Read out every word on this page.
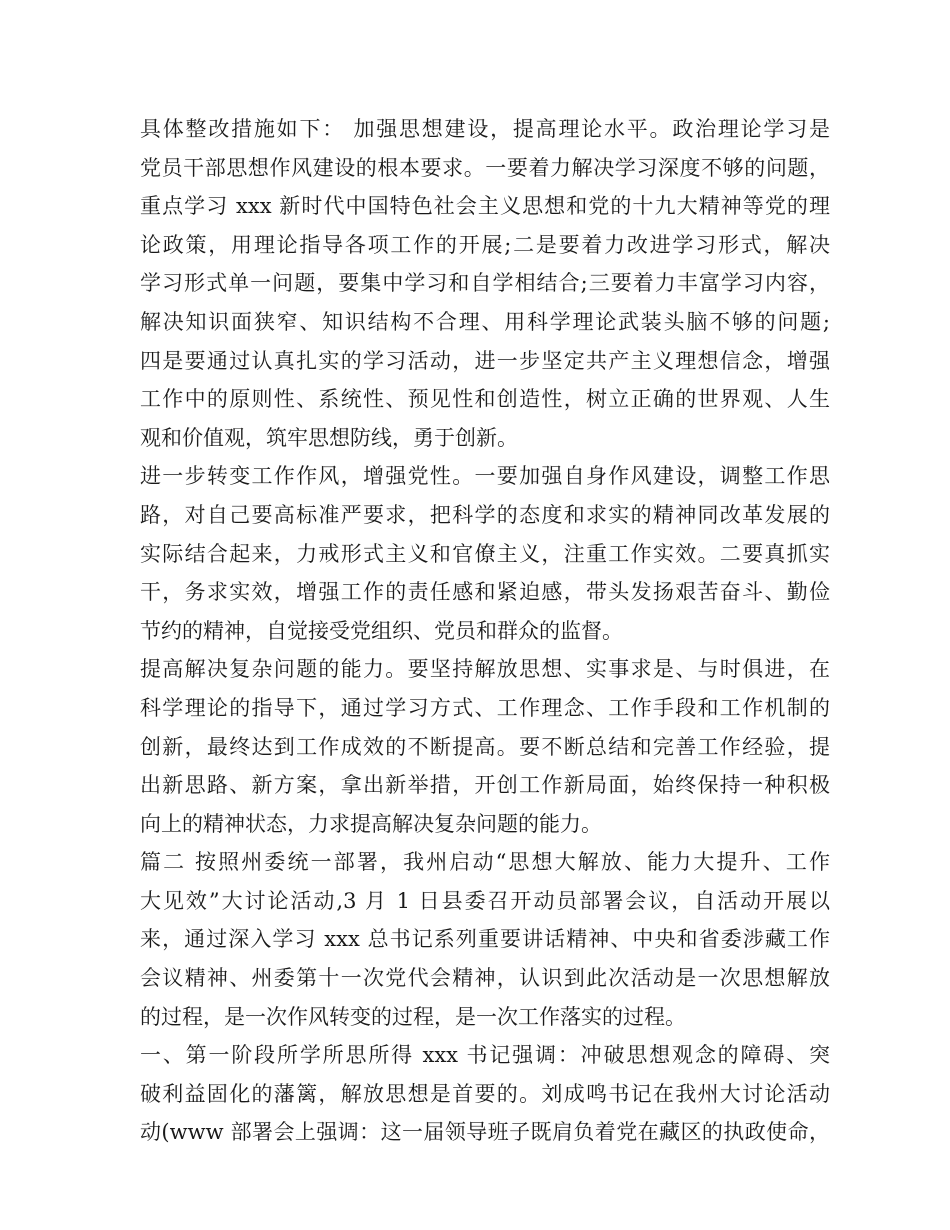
具体整改措施如下： 加强思想建设，提高理论水平。政治理论学习是
党员干部思想作风建设的根本要求。一要着力解决学习深度不够的问题，
重点学习 xxx 新时代中国特色社会主义思想和党的十九大精神等党的理
论政策，用理论指导各项工作的开展;二是要着力改进学习形式，解决
学习形式单一问题，要集中学习和自学相结合;三要着力丰富学习内容，
解决知识面狭窄、知识结构不合理、用科学理论武装头脑不够的问题;
四是要通过认真扎实的学习活动，进一步坚定共产主义理想信念，增强
工作中的原则性、系统性、预见性和创造性，树立正确的世界观、人生
观和价值观，筑牢思想防线，勇于创新。
进一步转变工作作风，增强党性。一要加强自身作风建设，调整工作思
路，对自己要高标准严要求，把科学的态度和求实的精神同改革发展的
实际结合起来，力戒形式主义和官僚主义，注重工作实效。二要真抓实
干，务求实效，增强工作的责任感和紧迫感，带头发扬艰苦奋斗、勤俭
节约的精神，自觉接受党组织、党员和群众的监督。
提高解决复杂问题的能力。要坚持解放思想、实事求是、与时俱进，在
科学理论的指导下，通过学习方式、工作理念、工作手段和工作机制的
创新，最终达到工作成效的不断提高。要不断总结和完善工作经验，提
出新思路、新方案，拿出新举措，开创工作新局面，始终保持一种积极
向上的精神状态，力求提高解决复杂问题的能力。
篇二 按照州委统一部署，我州启动“思想大解放、能力大提升、工作
大见效”大讨论活动,3 月 1 日县委召开动员部署会议，自活动开展以
来，通过深入学习 xxx 总书记系列重要讲话精神、中央和省委涉藏工作
会议精神、州委第十一次党代会精神，认识到此次活动是一次思想解放
的过程，是一次作风转变的过程，是一次工作落实的过程。
一、第一阶段所学所思所得 xxx 书记强调：冲破思想观念的障碍、突
破利益固化的藩篱，解放思想是首要的。刘成鸣书记在我州大讨论活动
动(www 部署会上强调：这一届领导班子既肩负着党在藏区的执政使命，
